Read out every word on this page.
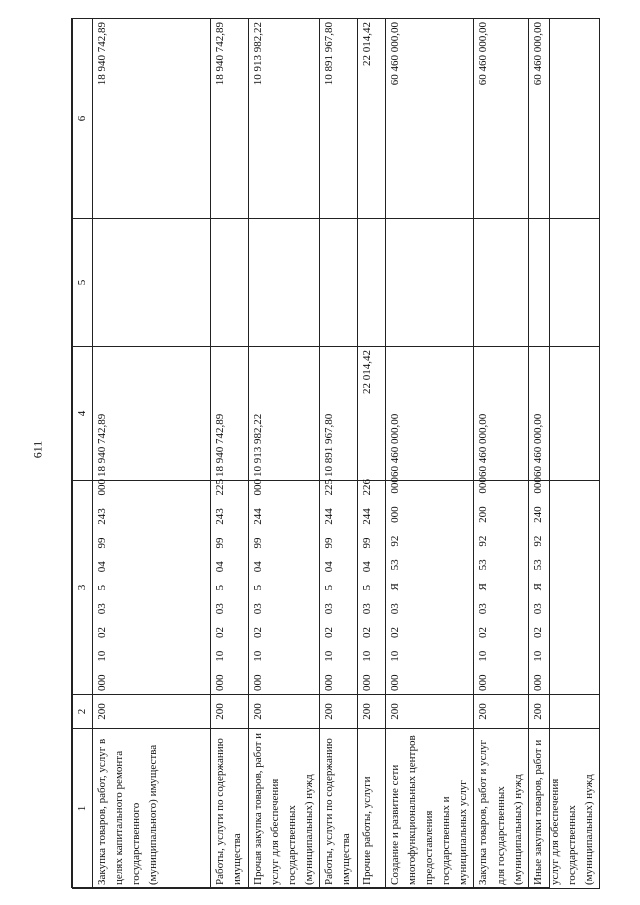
611
1	2	3	4	5	6
Закупка товаров, работ, услуг в целях капитального ремонта государственного (муниципального) имущества	200	000 10 02 03 5 04 99 243 000	18 940 742,89		18 940 742,89
Работы, услуги по содержанию имущества	200	000 10 02 03 5 04 99 243 225	18 940 742,89		18 940 742,89
Прочая закупка товаров, работ и услуг для обеспечения государственных (муниципальных) нужд	200	000 10 02 03 5 04 99 244 000	10 913 982,22		10 913 982,22
Работы, услуги по содержанию имущества	200	000 10 02 03 5 04 99 244 225	10 891 967,80		10 891 967,80
Прочие работы, услуги	200	000 10 02 03 5 04 99 244 226	22 014,42		22 014,42
Создание и развитие сети многофункциональных центров предоставления государственных и муниципальных услуг	200	000 10 02 03 Я 53 92 000 000	60 460 000,00		60 460 000,00
Закупка товаров, работ и услуг для государственных (муниципальных) нужд	200	000 10 02 03 Я 53 92 200 000	60 460 000,00		60 460 000,00
Иные закупки товаров, работ и услуг для обеспечения государственных (муниципальных) нужд	200	000 10 02 03 Я 53 92 240 000	60 460 000,00		60 460 000,00
